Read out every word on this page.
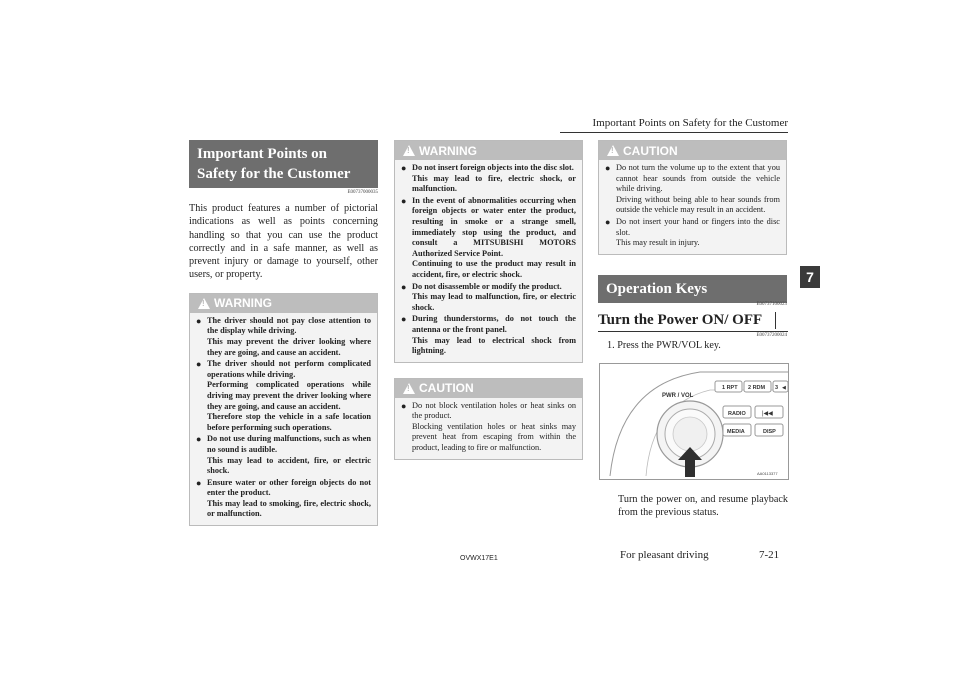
Important Points on Safety for the Customer
7
Important Points on Safety for the Customer
E00737000035
This product features a number of pictorial indications as well as points concerning handling so that you can use the product correctly and in a safe manner, as well as prevent injury or damage to yourself, other users, or property.
!
WARNING
● The driver should not pay close attention to the display while driving.

This may prevent the driver looking where they are going, and cause an accident.

● The driver should not perform complicated operations while driving.

Performing complicated operations while driving may prevent the driver looking where they are going, and cause an accident.

Therefore stop the vehicle in a safe location before performing such operations.

● Do not use during malfunctions, such as when no sound is audible.

This may lead to accident, fire, or electric shock.

● Ensure water or other foreign objects do not enter the product.

This may lead to smoking, fire, electric shock, or malfunction.

!
WARNING
● Do not insert foreign objects into the disc slot.

This may lead to fire, electric shock, or malfunction.

● In the event of abnormalities occurring when foreign objects or water enter the product, resulting in smoke or a strange smell, immediately stop using the product, and consult a MITSUBISHI MOTORS Authorized Service Point.

Continuing to use the product may result in accident, fire, or electric shock.

● Do not disassemble or modify the product.

This may lead to malfunction, fire, or electric shock.

● During thunderstorms, do not touch the antenna or the front panel.

This may lead to electrical shock from lightning.

!
CAUTION
● Do not block ventilation holes or heat sinks on the product.

Blocking ventilation holes or heat sinks may prevent heat from escaping from within the product, leading to fire or malfunction.

!
CAUTION
● Do not turn the volume up to the extent that you cannot hear sounds from outside the vehicle while driving.

Driving without being able to hear sounds from outside the vehicle may result in an accident.

● Do not insert your hand or fingers into the disc slot.

This may result in injury.

Operation Keys
E00737100023
Turn the Power ON/ OFF
E00737200024
1. Press the PWR/VOL key.
PWR / VOL
1 RPT 2 RDM 3 ◀
RADIO	|◀◀
MEDIA	DISP
AA0113377
Turn the power on, and resume playback from the previous status.
OVWX17E1	For pleasant driving	7-21
